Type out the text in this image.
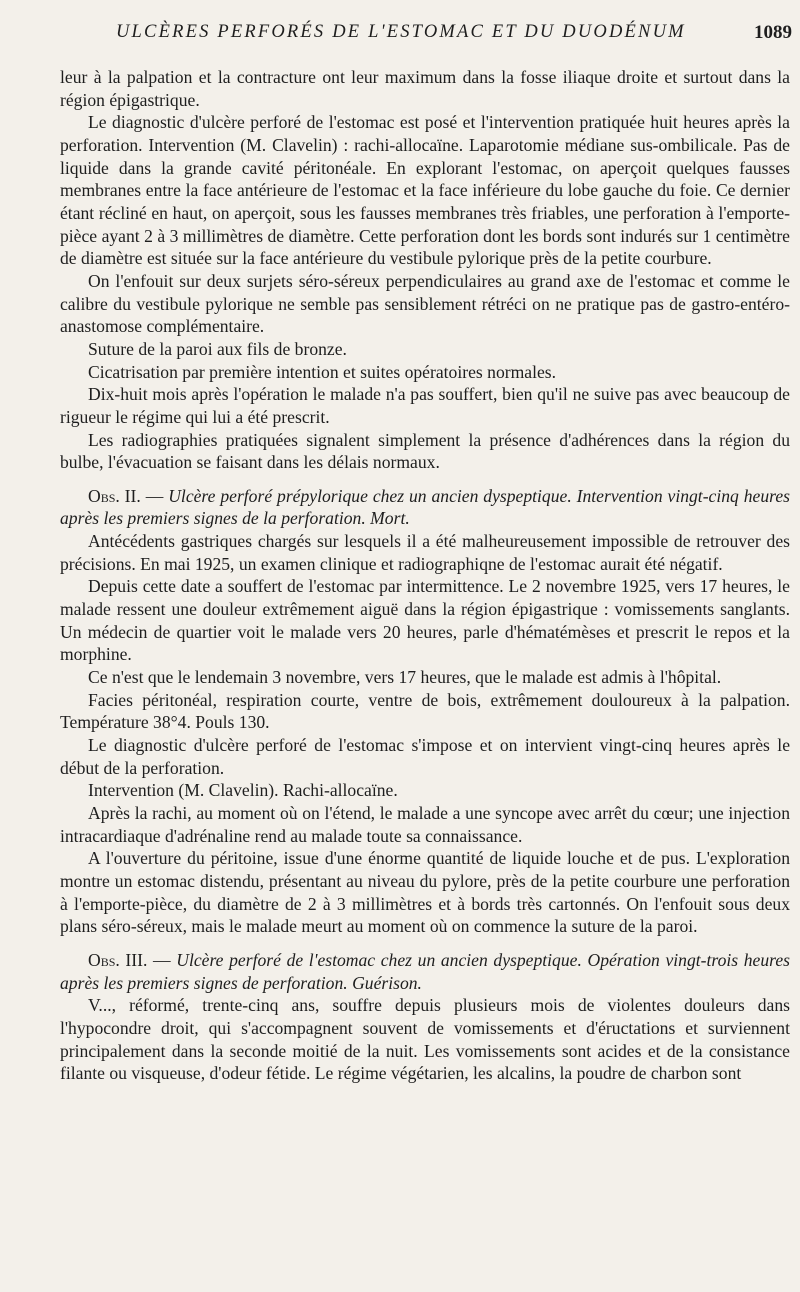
ULCÈRES PERFORÉS DE L'ESTOMAC ET DU DUODÉNUM	1089

leur à la palpation et la contracture ont leur maximum dans la fosse iliaque droite et surtout dans la région épigastrique.

Le diagnostic d'ulcère perforé de l'estomac est posé et l'intervention pratiquée huit heures après la perforation. Intervention (M. Clavelin) : rachi-allocaïne. Laparotomie médiane sus-ombilicale. Pas de liquide dans la grande cavité péritonéale. En explorant l'estomac, on aperçoit quelques fausses membranes entre la face antérieure de l'estomac et la face inférieure du lobe gauche du foie. Ce dernier étant récliné en haut, on aperçoit, sous les fausses membranes très friables, une perforation à l'emporte-pièce ayant 2 à 3 millimètres de diamètre. Cette perforation dont les bords sont indurés sur 1 centimètre de diamètre est située sur la face antérieure du vestibule pylorique près de la petite courbure.

On l'enfouit sur deux surjets séro-séreux perpendiculaires au grand axe de l'estomac et comme le calibre du vestibule pylorique ne semble pas sensiblement rétréci on ne pratique pas de gastro-entéro-anastomose complémentaire.

Suture de la paroi aux fils de bronze.

Cicatrisation par première intention et suites opératoires normales.

Dix-huit mois après l'opération le malade n'a pas souffert, bien qu'il ne suive pas avec beaucoup de rigueur le régime qui lui a été prescrit.

Les radiographies pratiquées signalent simplement la présence d'adhérences dans la région du bulbe, l'évacuation se faisant dans les délais normaux.

Obs. II. — Ulcère perforé prépylorique chez un ancien dyspeptique. Intervention vingt-cinq heures après les premiers signes de la perforation. Mort.

Antécédents gastriques chargés sur lesquels il a été malheureusement impossible de retrouver des précisions. En mai 1925, un examen clinique et radiographiqne de l'estomac aurait été négatif.

Depuis cette date a souffert de l'estomac par intermittence. Le 2 novembre 1925, vers 17 heures, le malade ressent une douleur extrêmement aiguë dans la région épigastrique : vomissements sanglants. Un médecin de quartier voit le malade vers 20 heures, parle d'hématémèses et prescrit le repos et la morphine.

Ce n'est que le lendemain 3 novembre, vers 17 heures, que le malade est admis à l'hôpital.

Facies péritonéal, respiration courte, ventre de bois, extrêmement douloureux à la palpation. Température 38°4. Pouls 130.

Le diagnostic d'ulcère perforé de l'estomac s'impose et on intervient vingt-cinq heures après le début de la perforation.

Intervention (M. Clavelin). Rachi-allocaïne.

Après la rachi, au moment où on l'étend, le malade a une syncope avec arrêt du cœur; une injection intracardiaque d'adrénaline rend au malade toute sa connaissance.

A l'ouverture du péritoine, issue d'une énorme quantité de liquide louche et de pus. L'exploration montre un estomac distendu, présentant au niveau du pylore, près de la petite courbure une perforation à l'emporte-pièce, du diamètre de 2 à 3 millimètres et à bords très cartonnés. On l'enfouit sous deux plans séro-séreux, mais le malade meurt au moment où on commence la suture de la paroi.

Obs. III. — Ulcère perforé de l'estomac chez un ancien dyspeptique. Opération vingt-trois heures après les premiers signes de perforation. Guérison.

V..., réformé, trente-cinq ans, souffre depuis plusieurs mois de violentes douleurs dans l'hypocondre droit, qui s'accompagnent souvent de vomissements et d'éructations et surviennent principalement dans la seconde moitié de la nuit. Les vomissements sont acides et de la consistance filante ou visqueuse, d'odeur fétide. Le régime végétarien, les alcalins, la poudre de charbon sont
